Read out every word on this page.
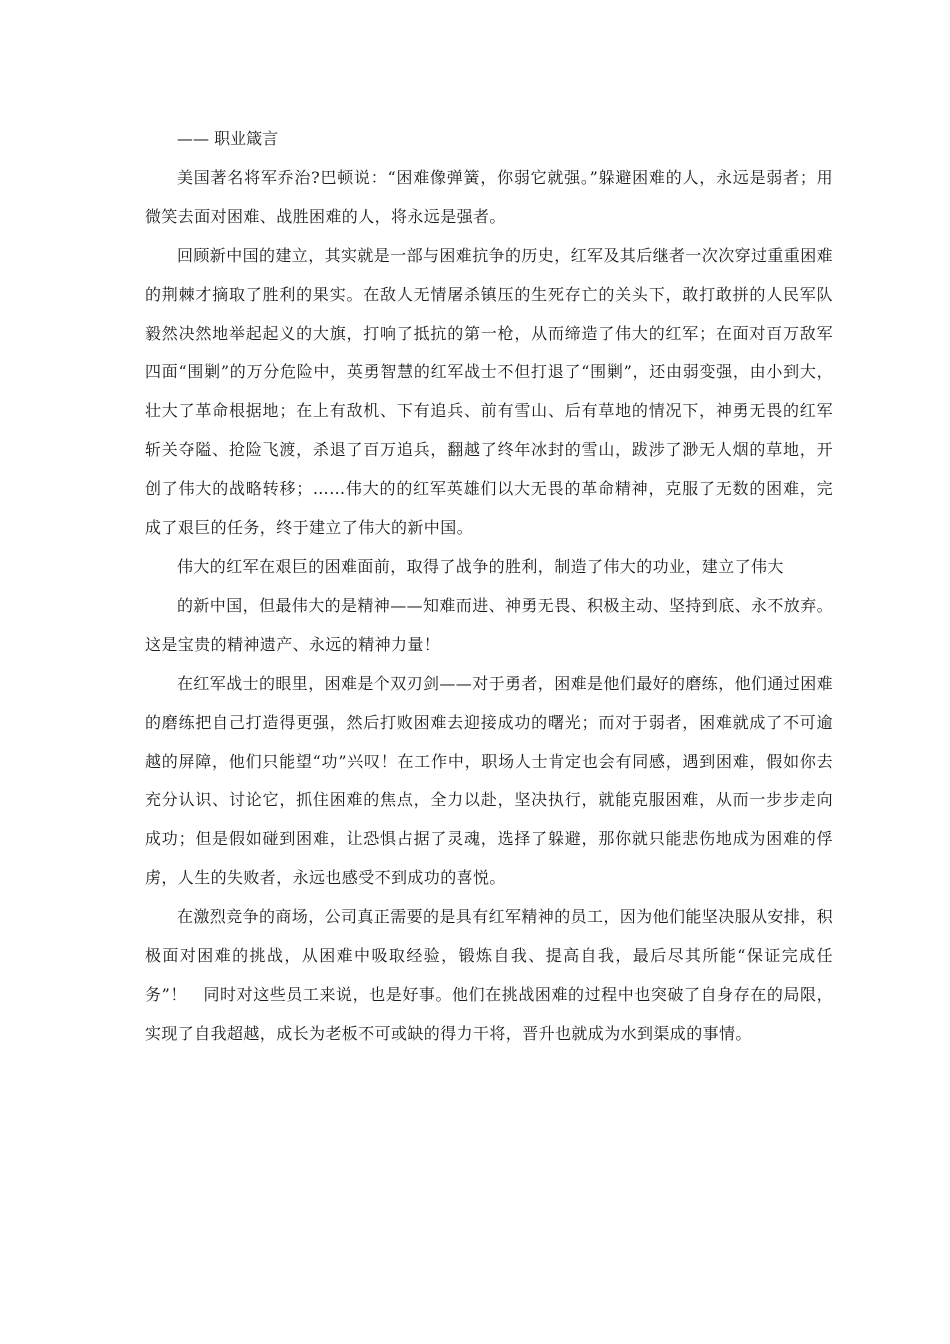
—— 职业箴言

美国著名将军乔治?巴顿说：“困难像弹簧，你弱它就强。”躲避困难的人，永远是弱者；用微笑去面对困难、战胜困难的人，将永远是强者。

回顾新中国的建立，其实就是一部与困难抗争的历史，红军及其后继者一次次穿过重重困难的荆棘才摘取了胜利的果实。在敌人无情屠杀镇压的生死存亡的关头下，敢打敢拼的人民军队毅然决然地举起起义的大旗，打响了抵抗的第一枪，从而缔造了伟大的红军；在面对百万敌军四面“围剿”的万分危险中，英勇智慧的红军战士不但打退了“围剿”，还由弱变强，由小到大，壮大了革命根据地；在上有敌机、下有追兵、前有雪山、后有草地的情况下，神勇无畏的红军斩关夺隘、抢险飞渡，杀退了百万追兵，翻越了终年冰封的雪山，跋涉了渺无人烟的草地，开创了伟大的战略转移；……伟大的的红军英雄们以大无畏的革命精神，克服了无数的困难，完成了艰巨的任务，终于建立了伟大的新中国。

伟大的红军在艰巨的困难面前，取得了战争的胜利，制造了伟大的功业，建立了伟大

的新中国，但最伟大的是精神——知难而进、神勇无畏、积极主动、坚持到底、永不放弃。这是宝贵的精神遗产、永远的精神力量！

在红军战士的眼里，困难是个双刃剑——对于勇者，困难是他们最好的磨练，他们通过困难的磨练把自己打造得更强，然后打败困难去迎接成功的曙光；而对于弱者，困难就成了不可逾越的屏障，他们只能望“功”兴叹！在工作中，职场人士肯定也会有同感，遇到困难，假如你去充分认识、讨论它，抓住困难的焦点，全力以赴，坚决执行，就能克服困难，从而一步步走向成功；但是假如碰到困难，让恐惧占据了灵魂，选择了躲避，那你就只能悲伤地成为困难的俘虏，人生的失败者，永远也感受不到成功的喜悦。

在激烈竞争的商场，公司真正需要的是具有红军精神的员工，因为他们能坚决服从安排，积极面对困难的挑战，从困难中吸取经验，锻炼自我、提高自我，最后尽其所能“保证完成任务”！　同时对这些员工来说，也是好事。他们在挑战困难的过程中也突破了自身存在的局限，实现了自我超越，成长为老板不可或缺的得力干将，晋升也就成为水到渠成的事情。
